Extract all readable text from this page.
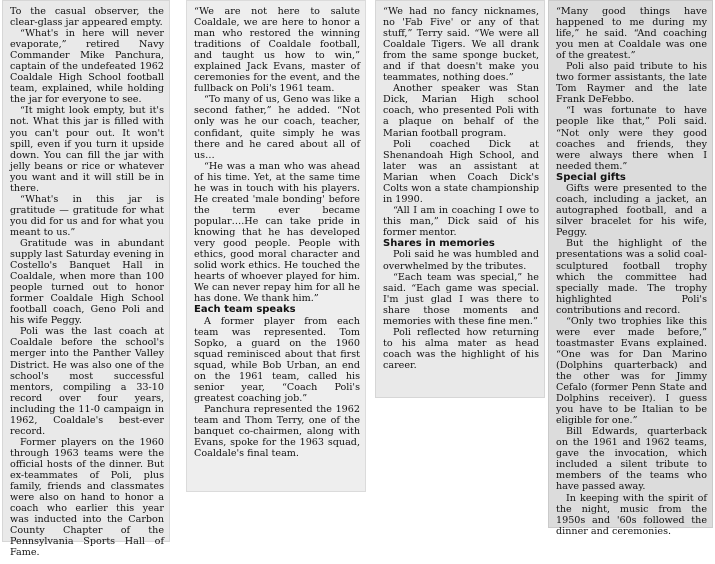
To the casual observer, the clear-glass jar appeared empty.

“What's in here will never evaporate,” retired Navy Commander Mike Panchura, captain of the undefeated 1962 Coaldale High School football team, explained, while holding the jar for everyone to see.

“It might look empty, but it's not. What this jar is filled with you can't pour out. It won't spill, even if you turn it upside down. You can fill the jar with jelly beans or rice or whatever you want and it will still be in there.

“What's in this jar is gratitude — gratitude for what you did for us and for what you meant to us.”

Gratitude was in abundant supply last Saturday evening in Costello's Banquet Hall in Coaldale, when more than 100 people turned out to honor former Coaldale High School football coach, Geno Poli and his wife Peggy.

Poli was the last coach at Coaldale before the school's merger into the Panther Valley District. He was also one of the school's most successful mentors, compiling a 33-10 record over four years, including the 11-0 campaign in 1962, Coaldale's best-ever record.

Former players on the 1960 through 1963 teams were the official hosts of the dinner. But ex-teammates of Poli, plus family, friends and classmates were also on hand to honor a coach who earlier this year was inducted into the Carbon County Chapter of the Pennsylvania Sports Hall of Fame.

“We are not here to salute Coaldale, we are here to honor a man who restored the winning traditions of Coaldale football, and taught us how to win,” explained Jack Evans, master of ceremonies for the event, and the fullback on Poli's 1961 team.

“To many of us, Geno was like a second father,” he added. “Not only was he our coach, teacher, confidant, quite simply he was there and he cared about all of us…

“He was a man who was ahead of his time. Yet, at the same time he was in touch with his players. He created 'male bonding' before the term ever became popular….He can take pride in knowing that he has developed very good people. People with ethics, good moral character and solid work ethics. He touched the hearts of whoever played for him. We can never repay him for all he has done. We thank him.”

Each team speaks

A former player from each team was represented. Tom Sopko, a guard on the 1960 squad reminisced about that first squad, while Bob Urban, an end on the 1961 team, called his senior year, “Coach Poli's greatest coaching job.”

Panchura represented the 1962 team and Thom Terry, one of the banquet co-chairmen, along with Evans, spoke for the 1963 squad, Coaldale's final team.

“We had no fancy nicknames, no 'Fab Five' or any of that stuff,” Terry said. “We were all Coaldale Tigers. We all drank from the same sponge bucket, and if that doesn't make you teammates, nothing does.”

Another speaker was Stan Dick, Marian High school coach, who presented Poli with a plaque on behalf of the Marian football program.

Poli coached Dick at Shenandoah High School, and later was an assistant at Marian when Coach Dick's Colts won a state championship in 1990.

“All I am in coaching I owe to this man,” Dick said of his former mentor.

Shares in memories

Poli said he was humbled and overwhelmed by the tributes.

“Each team was special,” he said. “Each game was special. I'm just glad I was there to share those moments and memories with these fine men.”

Poli reflected how returning to his alma mater as head coach was the highlight of his career.

“Many good things have happened to me during my life,” he said. “And coaching you men at Coaldale was one of the greatest.”

Poli also paid tribute to his two former assistants, the late Tom Raymer and the late Frank DeFebbo.

“I was fortunate to have people like that,” Poli said. “Not only were they good coaches and friends, they were always there when I needed them.”

Special gifts

Gifts were presented to the coach, including a jacket, an autographed football, and a silver bracelet for his wife, Peggy.

But the highlight of the presentations was a solid coal-sculptured football trophy which the committee had specially made. The trophy highlighted Poli's contributions and record.

“Only two trophies like this were ever made before,” toastmaster Evans explained. “One was for Dan Marino (Dolphins quarterback) and the other was for Jimmy Cefalo (former Penn State and Dolphins receiver). I guess you have to be Italian to be eligible for one.”

Bill Edwards, quarterback on the 1961 and 1962 teams, gave the invocation, which included a silent tribute to members of the teams who have passed away.

In keeping with the spirit of the night, music from the 1950s and '60s followed the dinner and ceremonies.
